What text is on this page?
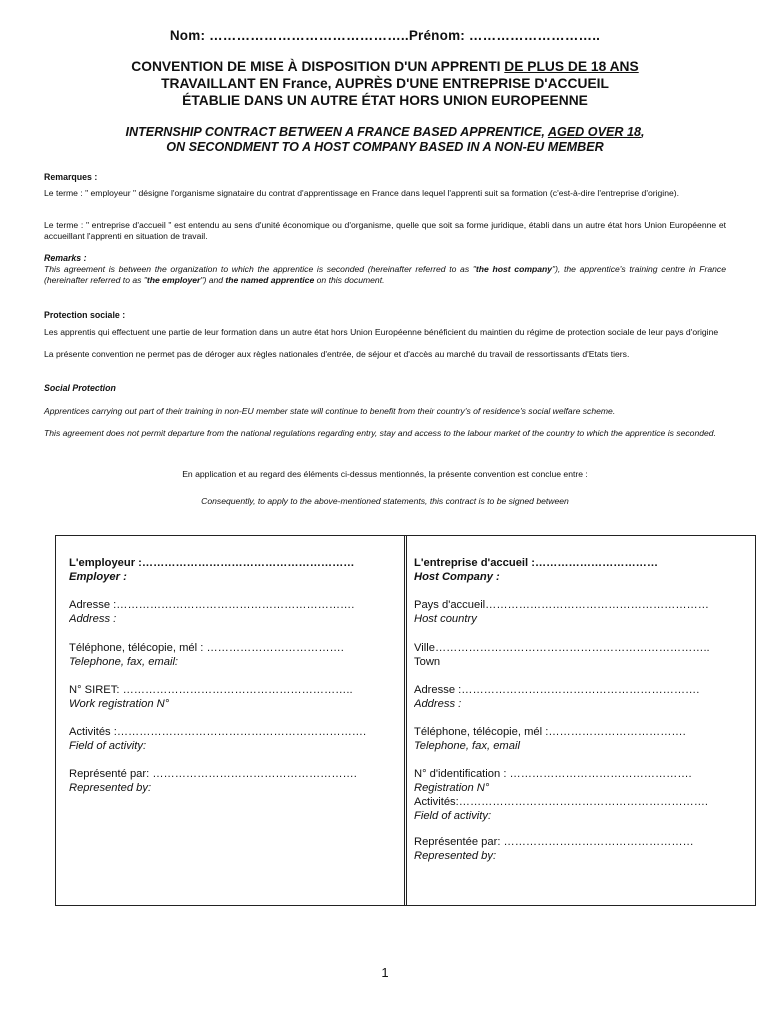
Nom: ……………………………………..Prénom: ………………………..
CONVENTION DE MISE À DISPOSITION D'UN APPRENTI DE PLUS DE 18 ANS
TRAVAILLANT EN France, AUPRÈS D'UNE ENTREPRISE D'ACCUEIL
ÉTABLIE DANS UN AUTRE ÉTAT HORS UNION EUROPEENNE
INTERNSHIP CONTRACT BETWEEN A FRANCE BASED APPRENTICE, AGED OVER 18,
ON SECONDMENT TO A HOST COMPANY BASED IN A NON-EU MEMBER
Remarques :
Le terme : " employeur " désigne l'organisme signataire du contrat d'apprentissage en France dans lequel l'apprenti suit sa formation (c'est-à-dire l'entreprise d'origine).
Le terme : " entreprise d'accueil " est entendu au sens d'unité économique ou d'organisme, quelle que soit sa forme juridique, établi dans un autre état hors Union Européenne et accueillant l'apprenti en situation de travail.
Remarks :
This agreement is between the organization to which the apprentice is seconded (hereinafter referred to as "the host company"), the apprentice's training centre in France (hereinafter referred to as "the employer") and the named apprentice on this document.
Protection sociale :
Les apprentis qui effectuent une partie de leur formation dans un autre état hors Union Européenne bénéficient du maintien du régime de protection sociale de leur pays d'origine
La présente convention ne permet pas de déroger aux règles nationales d'entrée, de séjour et d'accès au marché du travail de ressortissants d'Etats tiers.
Social Protection
Apprentices carrying out part of their training in non-EU member state will continue to benefit from their country's of residence's social welfare scheme.
This agreement does not permit departure from the national regulations regarding entry, stay and access to the labour market of the country to which the apprentice is seconded.
En application et au regard des éléments ci-dessus mentionnés, la présente convention est conclue entre :
Consequently, to apply to the above-mentioned statements, this contract is to be signed between
L'employeur :…………………………………………………
Employer :
Adresse :……………………………………………………….
Address :
Téléphone, télécopie, mél : ……………………………….
Telephone, fax, email:
N° SIRET: ……………………………………………………..
Work registration N°
Activités :………………………………………………………….
Field of activity:
Représenté par: ……………………………………………….
Represented by:
L'entreprise d'accueil :……………………………
Host Company :
Pays d'accueil……………………………………………………
Host country
Ville………………………………………………………………..
Town
Adresse :……………………………………………………….
Address :
Téléphone, télécopie, mél :……………………………….
Telephone, fax, email
N° d'identification : ………………………………………….
Registration N°
Activités:………………………………………………………….
Field of activity:
Représentée par: ……………………………………………
Represented by:
1
